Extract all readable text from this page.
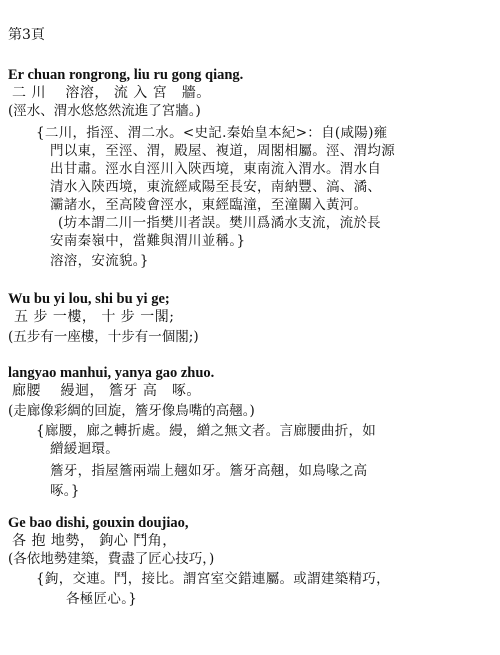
第3頁
Er chuan rongrong, liu ru gong qiang.
二 川　 溶溶， 流 入 宮　牆。
(涇水、渭水悠悠然流進了宮牆。)
{二川，指涇、渭二水。<史記.秦始皇本紀>：自(咸陽)雍
門以東，至涇、渭，殿屋、複道，周閣相屬。涇、渭均源
出甘肅。涇水自涇川入陝西境，東南流入渭水。渭水自
清水入陝西境，東流經咸陽至長安，南納豐、滈、潏、
灞諸水，至高陵會涇水，東經臨潼，至潼關入黃河。
(坊本謂二川一指樊川者誤。樊川爲潏水支流，流於長
安南秦嶺中，當難與渭川並稱。}
溶溶，安流貌。}
Wu bu yi lou, shi bu yi ge;
五 步 一樓， 十 步 一閣;
(五步有一座樓，十步有一個閣;)
langyao manhui, yanya gao zhuo.
廊腰　 縵迴， 簷牙 高　啄。
(走廊像彩綢的回旋，簷牙像鳥嘴的高翹。)
{廊腰，廊之轉折處。縵，繒之無文者。言廊腰曲折，如
繒緩迴環。
簷牙，指屋簷兩端上翹如牙。簷牙高翹，如鳥喙之高
啄。}
Ge bao dishi, gouxin doujiao,
各 抱 地勢， 鉤心 鬥角，
(各依地勢建築，費盡了匠心技巧，)
{鉤，交連。鬥，接比。謂宮室交錯連屬。或謂建築精巧，
各極匠心。}
